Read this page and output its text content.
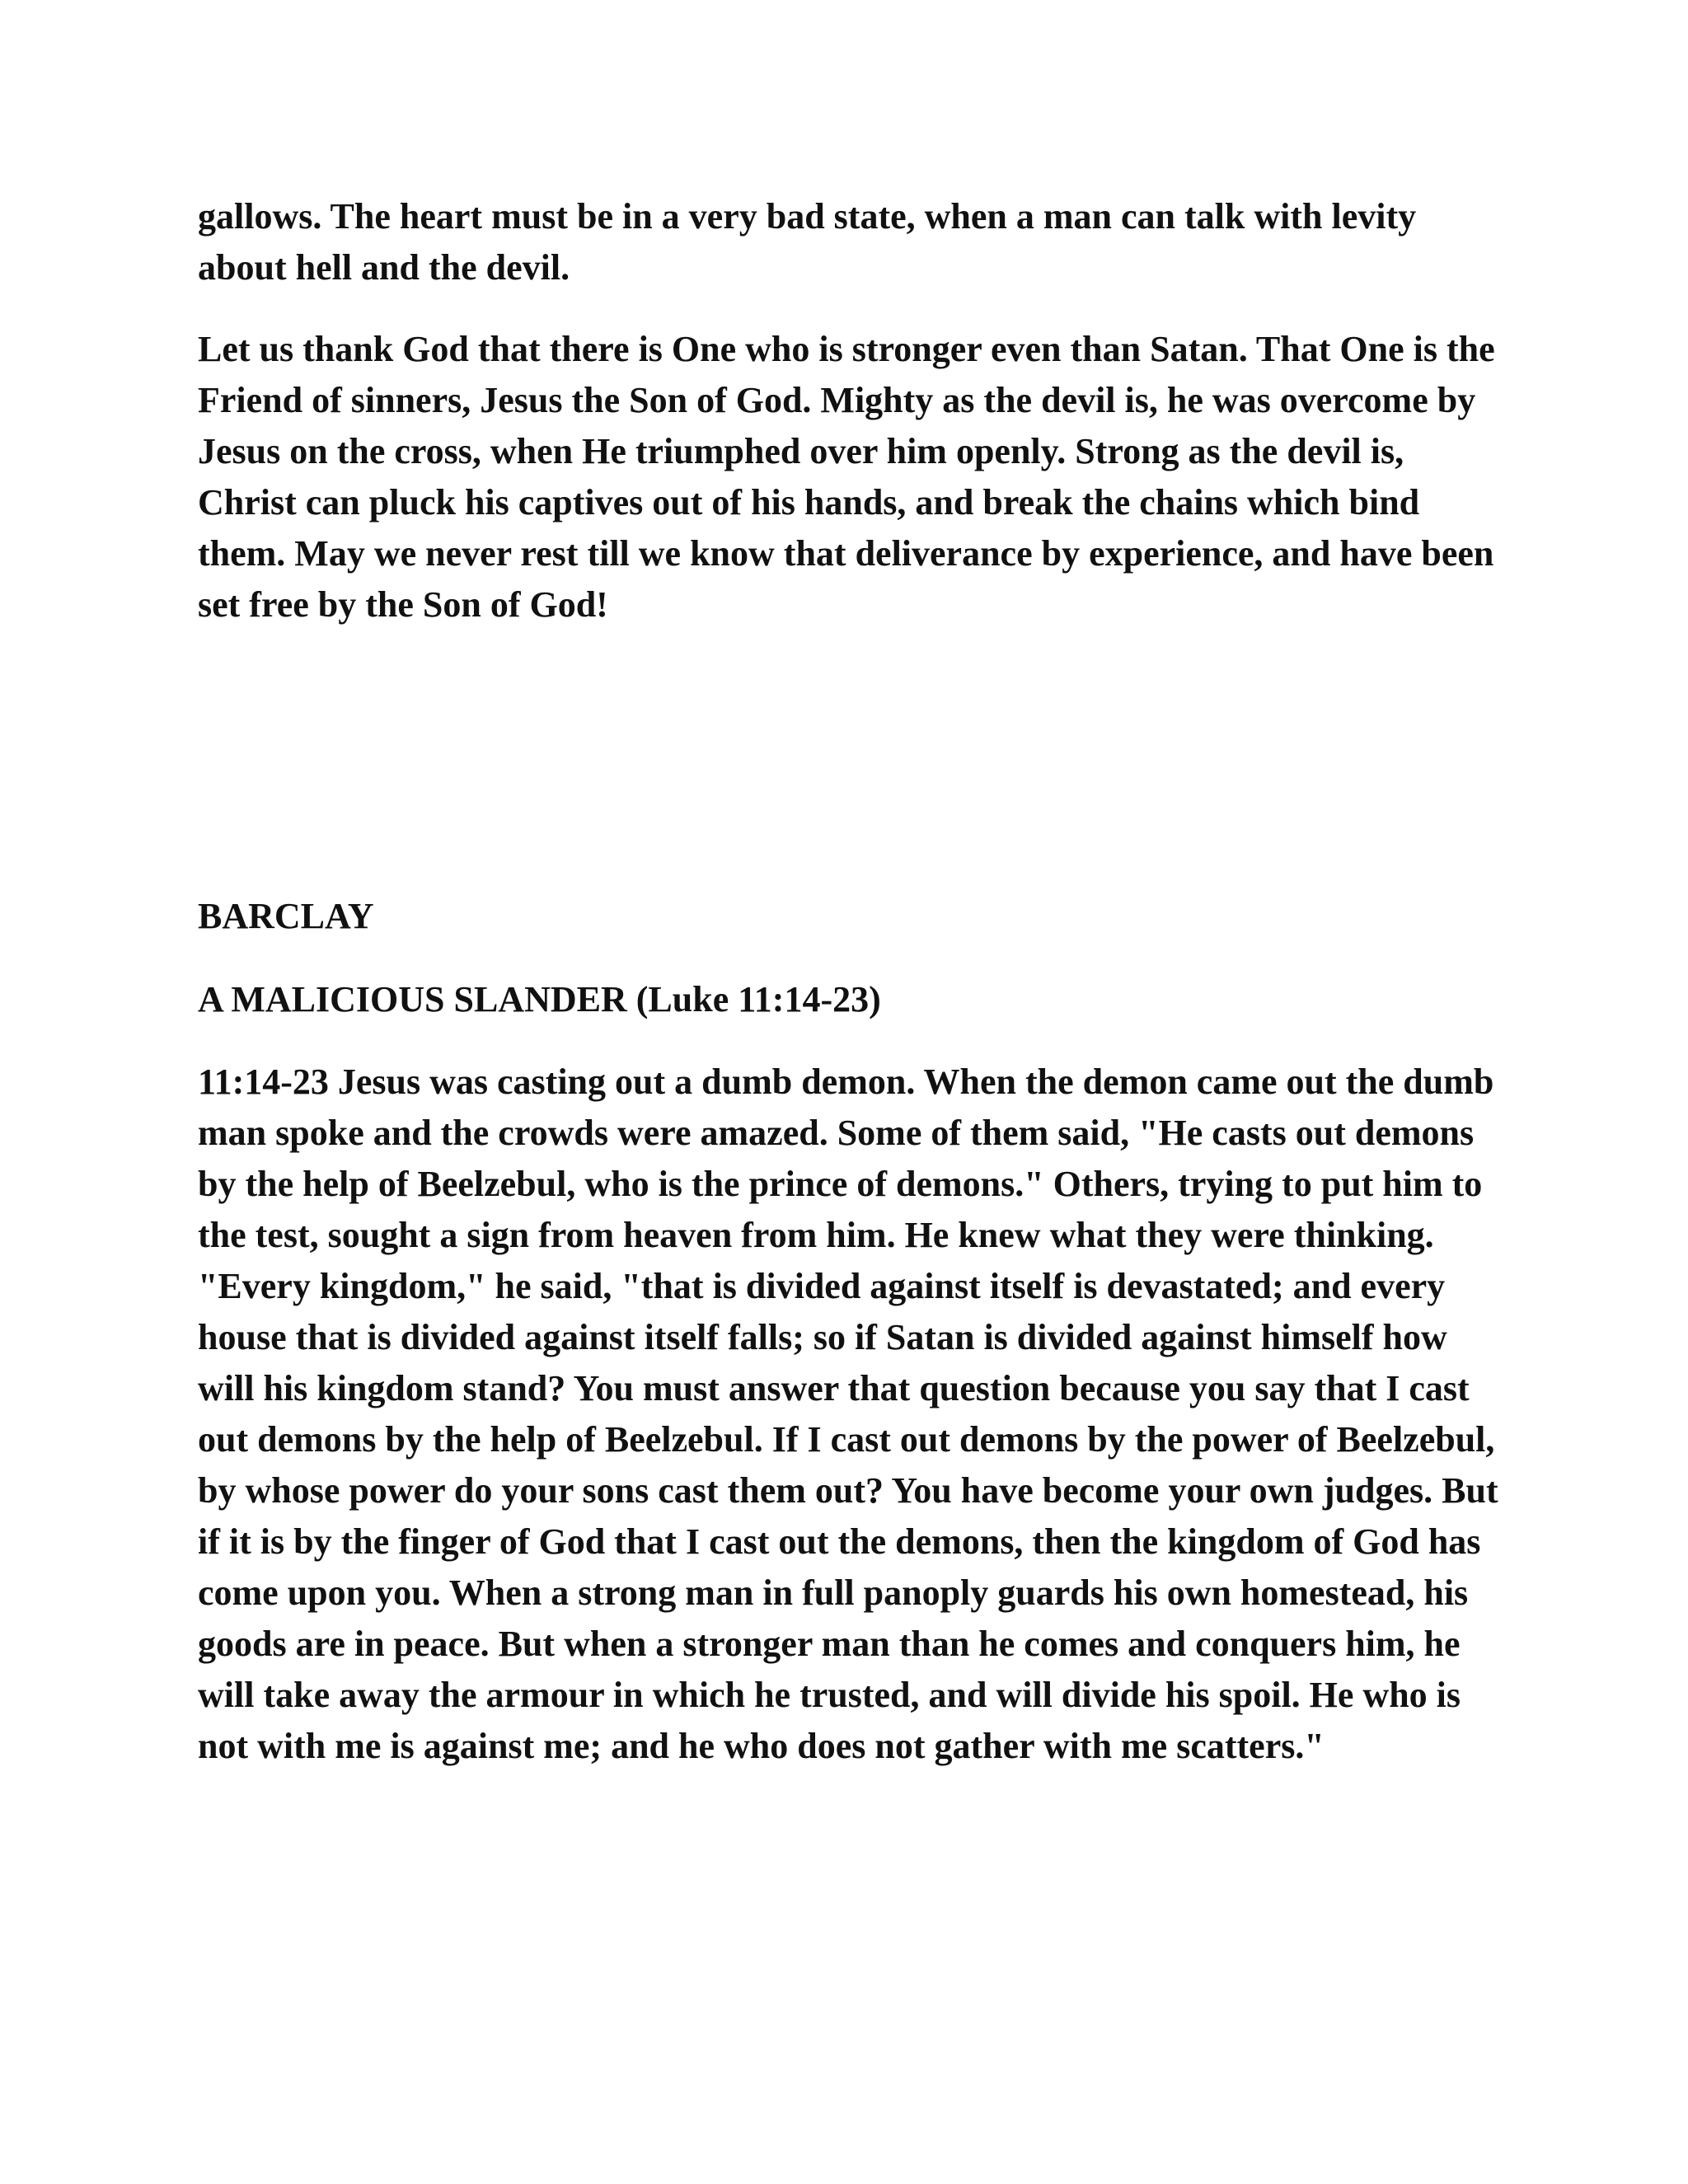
gallows. The heart must be in a very bad state, when a man can talk with levity about hell and the devil.

Let us thank God that there is One who is stronger even than Satan. That One is the Friend of sinners, Jesus the Son of God. Mighty as the devil is, he was overcome by Jesus on the cross, when He triumphed over him openly. Strong as the devil is, Christ can pluck his captives out of his hands, and break the chains which bind them. May we never rest till we know that deliverance by experience, and have been set free by the Son of God!

BARCLAY
A MALICIOUS SLANDER (Luke 11:14-23)

11:14-23 Jesus was casting out a dumb demon. When the demon came out the dumb man spoke and the crowds were amazed. Some of them said, "He casts out demons by the help of Beelzebul, who is the prince of demons." Others, trying to put him to the test, sought a sign from heaven from him. He knew what they were thinking. "Every kingdom," he said, "that is divided against itself is devastated; and every house that is divided against itself falls; so if Satan is divided against himself how will his kingdom stand? You must answer that question because you say that I cast out demons by the help of Beelzebul. If I cast out demons by the power of Beelzebul, by whose power do your sons cast them out? You have become your own judges. But if it is by the finger of God that I cast out the demons, then the kingdom of God has come upon you. When a strong man in full panoply guards his own homestead, his goods are in peace. But when a stronger man than he comes and conquers him, he will take away the armour in which he trusted, and will divide his spoil. He who is not with me is against me; and he who does not gather with me scatters."
